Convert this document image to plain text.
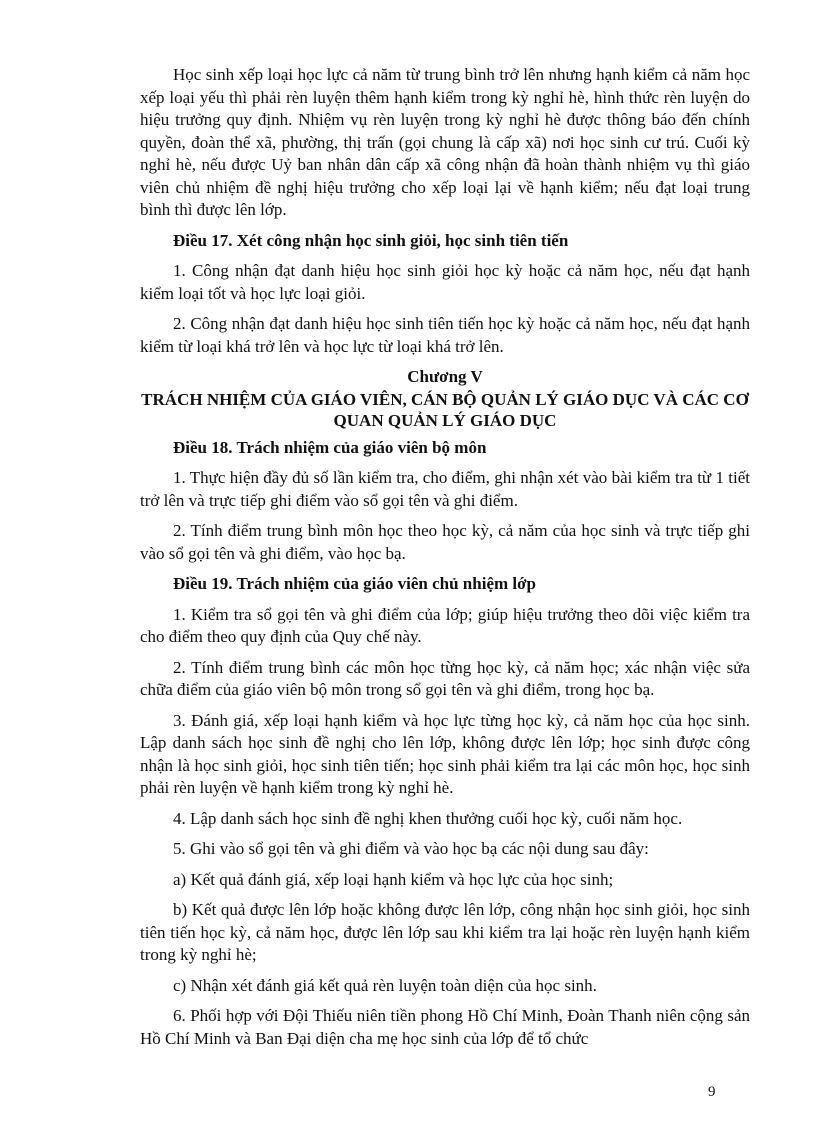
Học sinh xếp loại học lực cả năm từ trung bình trở lên nhưng hạnh kiểm cả năm học xếp loại yếu thì phải rèn luyện thêm hạnh kiểm trong kỳ nghỉ hè, hình thức rèn luyện do hiệu trưởng quy định. Nhiệm vụ rèn luyện trong kỳ nghỉ hè được thông báo đến chính quyền, đoàn thể xã, phường, thị trấn (gọi chung là cấp xã) nơi học sinh cư trú. Cuối kỳ nghỉ hè, nếu được Uỷ ban nhân dân cấp xã công nhận đã hoàn thành nhiệm vụ thì giáo viên chủ nhiệm đề nghị hiệu trưởng cho xếp loại lại về hạnh kiểm; nếu đạt loại trung bình thì được lên lớp.

Điều 17. Xét công nhận học sinh giỏi, học sinh tiên tiến

1. Công nhận đạt danh hiệu học sinh giỏi học kỳ hoặc cả năm học, nếu đạt hạnh kiểm loại tốt và học lực loại giỏi.

2. Công nhận đạt danh hiệu học sinh tiên tiến học kỳ hoặc cả năm học, nếu đạt hạnh kiểm từ loại khá trở lên và học lực từ loại khá trở lên.

Chương V

TRÁCH NHIỆM CỦA GIÁO VIÊN, CÁN BỘ QUẢN LÝ GIÁO DỤC VÀ CÁC CƠ QUAN QUẢN LÝ GIÁO DỤC

Điều 18. Trách nhiệm của giáo viên bộ môn

1. Thực hiện đầy đủ số lần kiểm tra, cho điểm, ghi nhận xét vào bài kiểm tra từ 1 tiết trở lên và trực tiếp ghi điểm vào sổ gọi tên và ghi điểm.

2. Tính điểm trung bình môn học theo học kỳ, cả năm của học sinh và trực tiếp ghi vào sổ gọi tên và ghi điểm, vào học bạ.

Điều 19. Trách nhiệm của giáo viên chủ nhiệm lớp

1. Kiểm tra sổ gọi tên và ghi điểm của lớp; giúp hiệu trưởng theo dõi việc kiểm tra cho điểm theo quy định của Quy chế này.

2. Tính điểm trung bình các môn học từng học kỳ, cả năm học; xác nhận việc sửa chữa điểm của giáo viên bộ môn trong sổ gọi tên và ghi điểm, trong học bạ.

3. Đánh giá, xếp loại hạnh kiểm và học lực từng học kỳ, cả năm học của học sinh. Lập danh sách học sinh đề nghị cho lên lớp, không được lên lớp; học sinh được công nhận là học sinh giỏi, học sinh tiên tiến; học sinh phải kiểm tra lại các môn học, học sinh phải rèn luyện về hạnh kiểm trong kỳ nghỉ hè.

4. Lập danh sách học sinh đề nghị khen thưởng cuối học kỳ, cuối năm học.

5. Ghi vào sổ gọi tên và ghi điểm và vào học bạ các nội dung sau đây:

a) Kết quả đánh giá, xếp loại hạnh kiểm và học lực của học sinh;

b) Kết quả được lên lớp hoặc không được lên lớp, công nhận học sinh giỏi, học sinh tiên tiến học kỳ, cả năm học, được lên lớp sau khi kiểm tra lại hoặc rèn luyện hạnh kiểm trong kỳ nghỉ hè;

c) Nhận xét đánh giá kết quả rèn luyện toàn diện của học sinh.

6. Phối hợp với Đội Thiếu niên tiền phong Hồ Chí Minh, Đoàn Thanh niên cộng sản Hồ Chí Minh và Ban Đại diện cha mẹ học sinh của lớp để tổ chức

9
